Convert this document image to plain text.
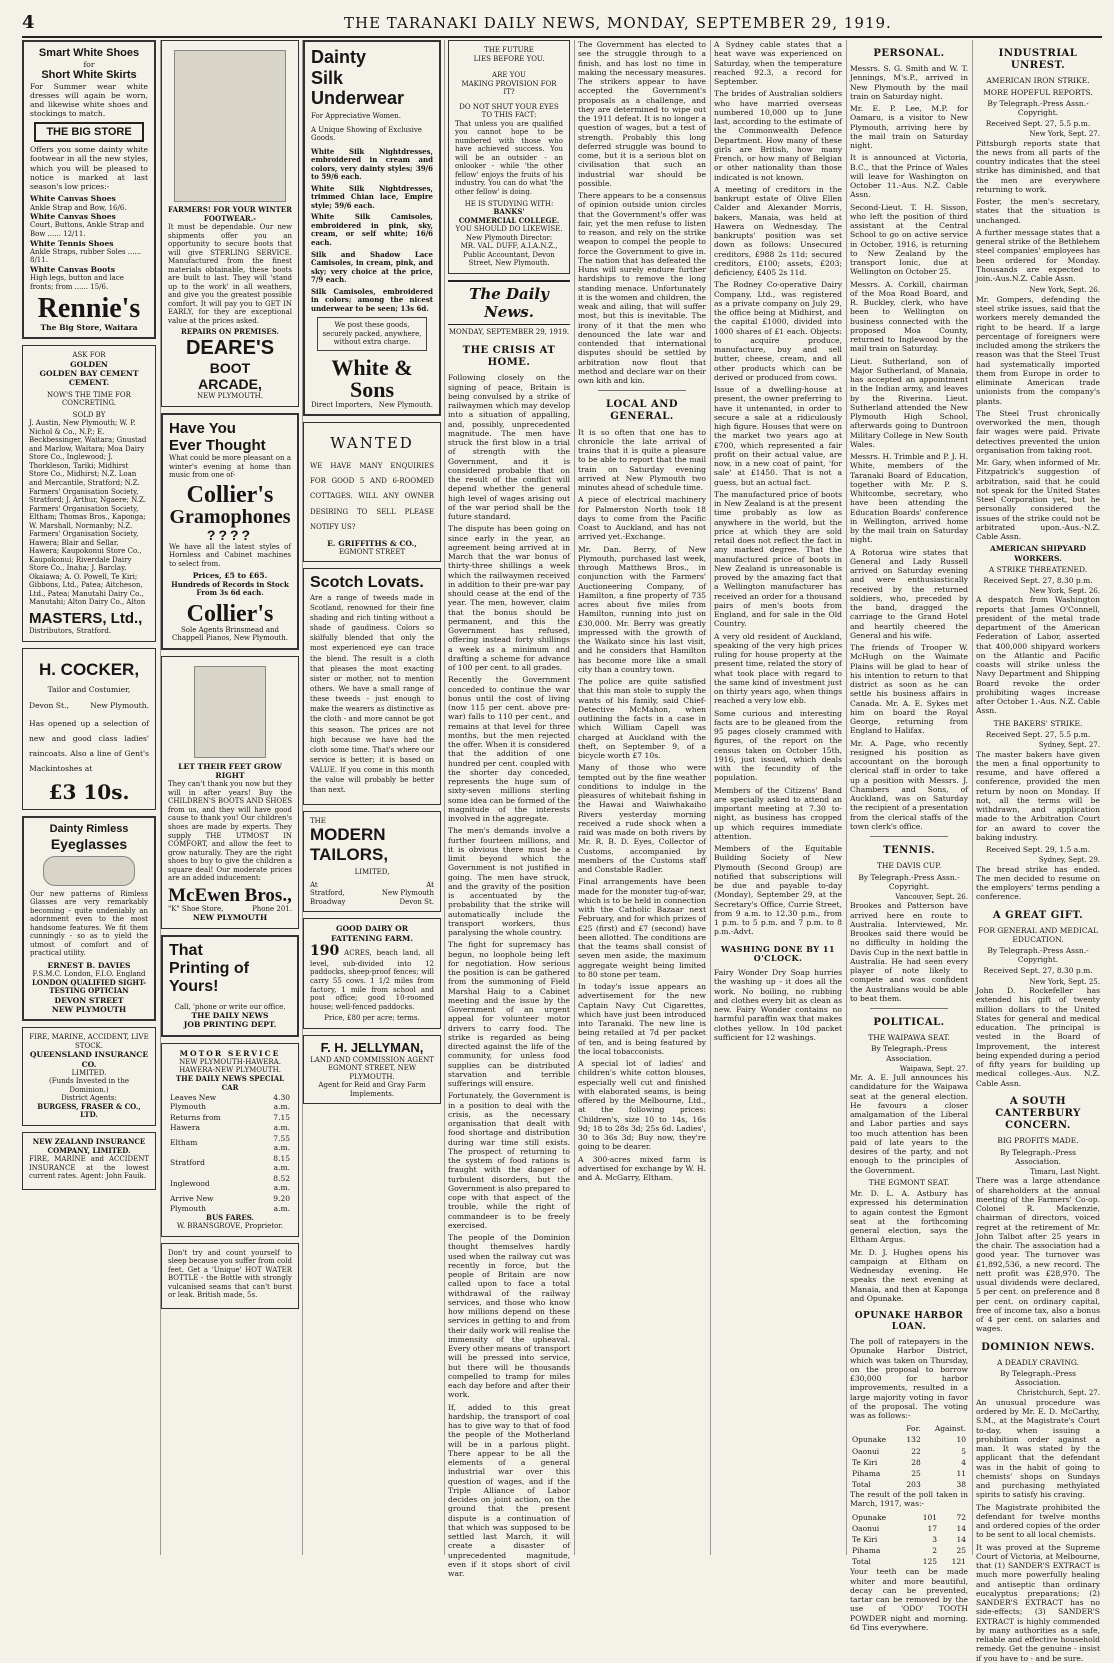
4	THE TARANAKI DAILY NEWS, MONDAY, SEPTEMBER 29, 1919.
Smart White Shoes
for
Short White Skirts

For Summer wear white dresses will again be worn, and likewise white shoes and stockings to match.

THE BIG STORE

Offers you some dainty white footwear in all the new styles, which you will be pleased to notice is marked at last season's low prices:-

White Canvas Shoes
Ankle Strap and Bow, 16/6.
White Canvas Shoes
Court, Buttons, Ankle Strap and Bow ...... 12/11.
White Tennis Shoes
Ankle Straps, rubber Soles ...... 8/11.
White Canvas Boots
High legs, button and lace fronts; from ...... 15/6.
Rennie's
The Big Store, Waitara
ASK FOR
GOLDEN
GOLDEN BAY CEMENT
CEMENT.
NOW'S THE TIME FOR CONCRETING.
SOLD BY

J. Austin, New Plymouth; W. P. Nichol & Co., N.P.; E. Beckbessinger, Waitara; Gnustad and Marlow, Waitara; Moa Dairy Store Co., Inglewood; J. Thorkleson, Tariki; Midhirst Store Co., Midhirst; N.Z. Loan and Mercantile, Stratford; N.Z. Farmers' Organisation Society, Stratford; J. Arthur, Ngaere; N.Z. Farmers' Organisation Society, Eltham; Thomas Bros., Kaponga; W. Marshall, Normanby; N.Z. Farmers' Organisation Society, Hawera; Blair and Sellar, Hawera; Kaupokonui Store Co., Kaupokonui; Riverdale Dairy Store Co., Inaha; J. Barclay, Okaiawa; A. O. Powell, Te Kiri; Gibbons, Ltd., Patea; Aitcheson, Ltd., Patea; Manutahi Dairy Co., Manutahi; Alton Dairy Co., Alton

MASTERS, Ltd.,
Distributors, Stratford.
H. COCKER,
Tailor and Costumier,
Devon St.,	New Plymouth.

Has opened up a selection of new and good class ladies' raincoats. Also a line of Gent's Mackintoshes at

£3 10s.
Dainty Rimless
Eyeglasses

Our new patterns of Rimless Glasses are very remarkably becoming - quite undeniably an adornment even to the most handsome features. We fit them cunningly - so as to yield the utmost of comfort and of practical utility.

ERNEST B. DAVIES
F.S.M.C. London, F.I.O. England
LONDON QUALIFIED SIGHT-TESTING OPTICIAN
DEVON STREET
NEW PLYMOUTH
FIRE, MARINE, ACCIDENT, LIVE STOCK.
QUEENSLAND INSURANCE CO.
LIMITED.
(Funds Invested in the Dominion.)
District Agents:
BURGESS, FRASER & CO., LTD.
NEW ZEALAND INSURANCE COMPANY, LIMITED.

FIRE, MARINE and ACCIDENT INSURANCE at the lowest current rates. Agent: John Fauik.

FARMERS! FOR YOUR WINTER FOOTWEAR.-

It must be dependable. Our new shipments offer you an opportunity to secure boots that will give STERLING SERVICE. Manufactured from the finest materials obtainable, these boots are built to last. They will 'stand up to the work' in all weathers, and give you the greatest possible comfort. It will pay you to GET IN EARLY, for they are exceptional value at the prices asked.

REPAIRS ON PREMISES.
DEARE'S
BOOT
ARCADE,
NEW PLYMOUTH.
Have You
Ever Thought

What could be more pleasant on a winter's evening at home than music from one of-

Collier's
Gramophones
????

We have all the latest styles of Hornless and Cabinet machines to select from.

Prices, £5 to £65.
Hundreds of Records in Stock From 3s 6d each.
Collier's
Sole Agents Brinsmead and Chappell Pianos, New Plymouth.
LET THEIR FEET GROW RIGHT

They can't thank you now but they will in after years! Buy the CHILDREN'S BOOTS AND SHOES from us, and they will have good cause to thank you! Our children's shoes are made by experts. They supply THE UTMOST IN COMFORT, and allow the feet to grow naturally. They are the right shoes to buy to give the children a square deal! Our moderate prices are an added inducement:

McEwen Bros.,
"K" Shoe Store,	Phone 201.
NEW PLYMOUTH
That
Printing of
Yours!
Call, 'phone or write our office.
THE DAILY NEWS
JOB PRINTING DEPT.
MOTOR SERVICE
NEW PLYMOUTH-HAWERA. HAWERA-NEW PLYMOUTH.
THE DAILY NEWS SPECIAL CAR
Leaves New Plymouth	4.30 a.m.
Returns from Hawera	7.15 a.m.
Eltham	7.55 a.m.
Stratford	8.15 a.m.
Inglewood	8.52 a.m.
Arrive New Plymouth	9.20 a.m.
BUS FARES.
W. BRANSGROVE, Proprietor.

Don't try and count yourself to sleep because you suffer from cold feet. Get a 'Unique' HOT WATER BOTTLE - the Bottle with strongly vulcanised seams that can't burst or leak. British made, 5s.

Dainty
Silk
Underwear
For Appreciative Women.
A Unique Showing of Exclusive Goods.

White Silk Nightdresses, embroidered in cream and colors, very dainty styles; 39/6 to 59/6 each.

White Silk Nightdresses, trimmed Chian lace, Empire style; 59/6 each.

White Silk Camisoles, embroidered in pink, sky, cream, or self white; 16/6 each.

Silk and Shadow Lace Camisoles, in cream, pink, and sky; very choice at the price, 7/9 each.

Silk Camisoles, embroidered in colors; among the nicest underwear to be seen; 13s 6d.

We post these goods, securely packed, anywhere, without extra charge.
White & Sons
Direct Importers, New Plymouth.
WANTED

WE HAVE MANY ENQUIRIES FOR GOOD 5 AND 6-ROOMED COTTAGES. WILL ANY OWNER DESIRING TO SELL PLEASE NOTIFY US?

E. GRIFFITHS & CO.,
EGMONT STREET
Scotch Lovats.

Are a range of tweeds made in Scotland, renowned for their fine shading and rich tinting without a shade of gaudiness. Colors so skilfully blended that only the most experienced eye can trace the blend. The result is a cloth that pleases the most exacting sister or mother, not to mention others. We have a small range of these tweeds - just enough to make the wearers as distinctive as the cloth - and more cannot be got this season. The prices are not high because we have had the cloth some time. That's where our service is better; it is based on VALUE. If you come in this month the value will probably be better than next.

THE
MODERN
TAILORS,
LIMITED,
At	At
Stratford,	New Plymouth
Broadway	Devon St.
GOOD DAIRY OR FATTENING FARM.

190 ACRES, beach land, all level, sub-divided into 12 paddocks, sheep-proof fences; will carry 55 cows. 1 1/2 miles from factory, 1 mile from school and post office; good 10-roomed house; well-fenced paddocks.

Price, £80 per acre; terms.
F. H. JELLYMAN,
LAND AND COMMISSION AGENT EGMONT STREET, NEW PLYMOUTH.
Agent for Reid and Gray Farm Implements.
THE FUTURE
LIES BEFORE YOU.
ARE YOU
MAKING PROVISION FOR IT?
DO NOT SHUT YOUR EYES TO THIS FACT:

That unless you are qualified you cannot hope to be numbered with those who have achieved success. You will be an outsider - an onlooker - while 'the other fellow' enjoys the fruits of his industry. You can do what 'the other fellow' is doing.

HE IS STUDYING WITH:
BANKS'
COMMERCIAL COLLEGE.
YOU SHOULD DO LIKEWISE.
New Plymouth Director:
MR. VAL. DUFF, A.I.A.N.Z., Public Accountant, Devon Street, New Plymouth.
The Daily News.
MONDAY, SEPTEMBER 29, 1919.
THE CRISIS AT HOME.

Following closely on the signing of peace, Britain is being convulsed by a strike of railwaymen which may develop into a situation of appalling, and, possibly, unprecedented magnitude. The men have struck the first blow in a trial of strength with the Government, and it is considered probable that on the result of the conflict will depend whether the general high level of wages arising out of the war period shall be the future standard.

The dispute has been going on since early in the year, an agreement being arrived at in March that the war bonus of thirty-three shillings a week which the railwaymen received in addition to their pre-war pay should cease at the end of the year. The men, however, claim that the bonus should be permanent, and this the Government has refused, offering instead forty shillings a week as a minimum and drafting a scheme for advance of 100 per cent. to all grades.

Recently the Government conceded to continue the war bonus until the cost of living (now 115 per cent. above pre-war) falls to 110 per cent., and remains at that level for three months, but the men rejected the offer. When it is considered that the addition of one hundred per cent. coupled with the shorter day conceded, represents the huge sum of sixty-seven millions sterling some idea can be formed of the magnitude of the interests involved in the aggregate.

The men's demands involve a further fourteen millions, and it is obvious there must be a limit beyond which the Government is not justified in going. The men have struck, and the gravity of the position is accentuated by the probability that the strike will automatically include the transport workers, thus paralysing the whole country.

The fight for supremacy has begun, no loophole being left for negotiation. How serious the position is can be gathered from the summoning of Field Marshal Haig to a Cabinet meeting and the issue by the Government of an urgent appeal for volunteer motor drivers to carry food. The strike is regarded as being directed against the life of the community, for unless food supplies can be distributed starvation and terrible sufferings will ensure.

Fortunately, the Government is in a position to deal with the crisis, as the necessary organisation that dealt with food shortage and distribution during war time still exists. The prospect of returning to the system of food rations is fraught with the danger of turbulent disorders, but the Government is also prepared to cope with that aspect of the trouble, while the right of commandeer is to be freely exercised.

The people of the Dominion thought themselves hardly used when the railway cut was recently in force, but the people of Britain are now called upon to face a total withdrawal of the railway services, and those who know how millions depend on these services in getting to and from their daily work will realise the immensity of the upheaval. Every other means of transport will be pressed into service, but there will be thousands compelled to tramp for miles each day before and after their work.

If, added to this great hardship, the transport of coal has to give way to that of food the people of the Motherland will be in a parlous plight. There appear to be all the elements of a general industrial war over this question of wages, and if the Triple Alliance of Labor decides on joint action, on the ground that the present dispute is a continuation of that which was supposed to be settled last March, it will create a disaster of unprecedented magnitude, even if it stops short of civil war.

The Government has elected to see the struggle through to a finish, and has lost no time in making the necessary measures. The strikers appear to have accepted the Government's proposals as a challenge, and they are determined to wipe out the 1911 defeat. It is no longer a question of wages, but a test of strength. Probably this long deferred struggle was bound to come, but it is a serious blot on civilisation that such an industrial war should be possible.

There appears to be a consensus of opinion outside union circles that the Government's offer was fair, yet the men refuse to listen to reason, and rely on the strike weapon to compel the people to force the Government to give in. The nation that has defeated the Huns will surely endure further hardships to remove the long standing menace. Unfortunately it is the women and children, the weak and ailing, that will suffer most, but this is inevitable. The irony of it that the men who denounced the late war and contended that international disputes should be settled by arbitration now flout that method and declare war on their own kith and kin.

LOCAL AND GENERAL.

It is so often that one has to chronicle the late arrival of trains that it is quite a pleasure to be able to report that the mail train on Saturday evening arrived at New Plymouth two minutes ahead of schedule time.

A piece of electrical machinery for Palmerston North took 18 days to come from the Pacific Coast to Auckland, and has not arrived yet.-Exchange.

Mr. Dan. Berry, of New Plymouth, purchased last week, through Matthews Bros., in conjunction with the Farmers' Auctioneering Company, of Hamilton, a fine property of 735 acres about five miles from Hamilton, running into just on £30,000. Mr. Berry was greatly impressed with the growth of the Waikato since his last visit, and he considers that Hamilton has become more like a small city than a country town.

The police are quite satisfied that this man stole to supply the wants of his family, said Chief-Detective McMahon, when outlining the facts in a case in which William Capell was charged at Auckland with the theft, on September 9, of a bicycle worth £7 10s.

Many of those who were tempted out by the fine weather conditions to indulge in the pleasures of whitebait fishing in the Hawai and Waiwhakaiho Rivers yesterday morning received a rude shock when a raid was made on both rivers by Mr. R. B. D. Eyes, Collector of Customs, accompanied by members of the Customs staff and Constable Radler.

Final arrangements have been made for the monster tug-of-war, which is to be held in connection with the Catholic Bazaar next February, and for which prizes of £25 (first) and £7 (second) have been allotted. The conditions are that the teams shall consist of seven men aside, the maximum aggregate weight being limited to 80 stone per team.

In today's issue appears an advertisement for the new Captain Navy Cut Cigarettes, which have just been introduced into Taranaki. The new line is being retailed at 7d per packet of ten, and is being featured by the local tobacconists.

A special lot of ladies' and children's white cotton blouses, especially well cut and finished with elaborated seams, is being offered by the Melbourne, Ltd., at the following prices: Children's, size 10 to 14s, 16s 9d; 18 to 28s 3d; 25s 6d. Ladies', 30 to 36s 3d; Buy now, they're going to be dearer.

A 300-acres mixed farm is advertised for exchange by W. H. and A. McGarry, Eltham.

A Sydney cable states that a heat wave was experienced on Saturday, when the temperature reached 92.3, a record for September.

The brides of Australian soldiers who have married overseas numbered 10,000 up to June last, according to the estimate of the Commonwealth Defence Department. How many of these girls are British, how many French, or how many of Belgian or other nationality than those indicated is not known.

A meeting of creditors in the bankrupt estate of Olive Ellen Calder and Alexander Morris, bakers, Manaia, was held at Hawera on Wednesday. The bankrupts' position was set down as follows: Unsecured creditors, £988 2s 11d; secured creditors, £100; assets, £203; deficiency, £405 2s 11d.

The Rodney Co-operative Dairy Company, Ltd., was registered as a private company on July 29, the office being at Midhirst, and the capital £1000, divided into 1000 shares of £1 each. Objects: to acquire produce, manufacture, buy and sell butter, cheese, cream, and all other products which can be derived or produced from cows.

Issue of a dwelling-house at present, the owner preferring to have it untenanted, in order to secure a sale at a ridiculously high figure. Houses that were on the market two years ago at £700, which represented a fair profit on their actual value, are now, in a new coat of paint, 'for sale' at £1450. That is not a guess, but an actual fact.

The manufactured price of boots in New Zealand is at the present time probably as low as anywhere in the world, but the price at which they are sold retail does not reflect the fact in any marked degree. That the manufactured price of boots in New Zealand is unreasonable is proved by the amazing fact that a Wellington manufacturer has received an order for a thousand pairs of men's boots from England, and for sale in the Old Country.

A very old resident of Auckland, speaking of the very high prices ruling for house property at the present time, related the story of what took place with regard to the same kind of investment just on thirty years ago, when things reached a very low ebb.

Some curious and interesting facts are to be gleaned from the 95 pages closely crammed with figures, of the report on the census taken on October 15th, 1916, just issued, which deals with the fecundity of the population.

Members of the Citizens' Band are specially asked to attend an important meeting at 7.30 to-night, as business has cropped up which requires immediate attention.

Members of the Equitable Building Society of New Plymouth (Second Group) are notified that subscriptions will be due and payable to-day (Monday), September 29, at the Secretary's Office, Currie Street, from 9 a.m. to 12.30 p.m., from 1 p.m. to 5 p.m. and 7 p.m. to 8 p.m.-Advt.

WASHING DONE BY 11 O'CLOCK.

Fairy Wonder Dry Soap hurries the washing up - it does all the work. No boiling, no rubbing and clothes every bit as clean as new. Fairy Wonder contains no harmful paraffin wax that makes clothes yellow. In 10d packet sufficient for 12 washings.

PERSONAL.

Messrs. S. G. Smith and W. T. Jennings, M's.P., arrived in New Plymouth by the mail train on Saturday night.

Mr. E. P. Lee, M.P. for Oamaru, is a visitor to New Plymouth, arriving here by the mail train on Saturday night.

It is announced at Victoria, B.C., that the Prince of Wales will leave for Washington on October 11.-Aus. N.Z. Cable Assn.

Second-Lieut. T. H. Sisson, who left the position of third assistant at the Central School to go on active service in October, 1916, is returning to New Zealand by the transport Ionic, due at Wellington on October 25.

Messrs. A. Corkill, chairman of the Moa Road Board, and R. Buckley, clerk, who have been to Wellington on business connected with the proposed Moa County, returned to Inglewood by the mail train on Saturday.

Lieut. Sutherland, son of Major Sutherland, of Manaia, has accepted an appointment in the Indian army, and leaves by the Riverina. Lieut. Sutherland attended the New Plymouth High School, afterwards going to Duntroon Military College in New South Wales.

Messrs. H. Trimble and P. J. H. White, members of the Taranaki Board of Education, together with Mr. P. S. Whitcombe, secretary, who have been attending the Education Boards' conference in Wellington, arrived home by the mail train on Saturday night.

A Rotorua wire states that General and Lady Russell arrived on Saturday evening and were enthusiastically received by the returned soldiers, who, preceded by the band, dragged the carriage to the Grand Hotel and heartily cheered the General and his wife.

The friends of Trooper W. McHugh on the Waimate Plains will be glad to hear of his intention to return to that district as soon as he can settle his business affairs in Canada. Mr. A. E. Sykes met him on board the Royal George, returning from England to Halifax.

Mr. A. Page, who recently resigned his position as accountant on the borough clerical staff in order to take up a position with Messrs. J. Chambers and Sons, of Auckland, was on Saturday the recipient of a presentation from the clerical staffs of the town clerk's office.

TENNIS.
THE DAVIS CUP.
By Telegraph.-Press Assn.-Copyright.
Vancouver, Sept. 26.

Brookes and Patterson have arrived here en route to Australia. Interviewed, Mr. Brookes said there would be no difficulty in holding the Davis Cup in the next battle in Australia. He had seen every player of note likely to compete and was confident the Australians would be able to beat them.

POLITICAL.
THE WAIPAWA SEAT.
By Telegraph.-Press Association.
Waipawa, Sept. 27.

Mr. A. E. Jull announces his candidature for the Waipawa seat at the general election. He favours a closer amalgamation of the Liberal and Labor parties and says too much attention has been paid of late years to the desires of the party, and not enough to the principles of the Government.

THE EGMONT SEAT.

Mr. D. L. A. Astbury has expressed his determination to again contest the Egmont seat at the forthcoming general election, says the Eltham Argus.

Mr. D. J. Hughes opens his campaign at Eltham on Wednesday evening. He speaks the next evening at Manaia, and then at Kaponga and Opunake.

OPUNAKE HARBOR LOAN.

The poll of ratepayers in the Opunake Harbor District, which was taken on Thursday, on the proposal to borrow £30,000 for harbor improvements, resulted in a large majority voting in favor of the proposal. The voting was as follows:-

	For.	Against.
Opunake	132	10
Oaonui	22	5
Te Kiri	28	4
Pihama	25	11
Total	203	38

The result of the poll taken in March, 1917, was:-

Opunake	101	72
Oaonui	17	14
Te Kiri	3	14
Pihama	2	25
Total	125	121

Your teeth can be made whiter and more beautiful, decay can be prevented, tartar can be removed by the use of 'ODO' TOOTH POWDER night and morning. 6d Tins everywhere.

INDUSTRIAL UNREST.
AMERICAN IRON STRIKE.
MORE HOPEFUL REPORTS.
By Telegraph.-Press Assn.-Copyright.
Received Sept. 27, 5.5 p.m.
New York, Sept. 27.

Pittsburgh reports state that the news from all parts of the country indicates that the steel strike has diminished, and that the men are everywhere returning to work.

Foster, the men's secretary, states that the situation is unchanged.

A further message states that a general strike of the Bethlehem steel companies' employees has been ordered for Monday. Thousands are expected to join.-Aus.N.Z. Cable Assn.

New York, Sept. 26.

Mr. Gompers, defending the steel strike issues, said that the workers merely demanded the right to be heard. If a large percentage of foreigners were included among the strikers the reason was that the Steel Trust had systematically imported them from Europe in order to eliminate American trade unionists from the company's plants.

The Steel Trust chronically overworked the men, though fair wages were paid. Private detectives prevented the union organisation from taking root.

Mr. Gary, when informed of Mr. Fitzpatrick's suggestion of arbitration, said that he could not speak for the United States Steel Corporation yet, but he personally considered the issues of the strike could not be arbitrated upon.-Aus.-N.Z. Cable Assn.

AMERICAN SHIPYARD WORKERS.
A STRIKE THREATENED.
Received Sept. 27, 8.30 p.m.
New York, Sept. 26.

A despatch from Washington reports that James O'Connell, president of the metal trade department of the American Federation of Labor, asserted that 400,000 shipyard workers on the Atlantic and Pacific coasts will strike unless the Navy Department and Shipping Board revoke the order prohibiting wages increase after October 1.-Aus. N.Z. Cable Assn.

THE BAKERS' STRIKE.
Received Sept. 27, 5.5 p.m.
Sydney, Sept. 27.

The master bakers have given the men a final opportunity to resume, and have offered a conference, provided the men return by noon on Monday. If not, all the terms will be withdrawn, and application made to the Arbitration Court for an award to cover the baking industry.

Received Sept. 29, 1.5 a.m.
Sydney, Sept. 29.

The bread strike has ended. The men decided to resume on the employers' terms pending a conference.

A GREAT GIFT.
FOR GENERAL AND MEDICAL EDUCATION.
By Telegraph.-Press Assn.-Copyright.
Received Sept. 27, 8.30 p.m.
New York, Sept. 25.

John D. Rockefeller has extended his gift of twenty million dollars to the United States for general and medical education. The principal is vested in the Board of Improvement, the interest being expended during a period of fifty years for building up medical colleges.-Aus. N.Z. Cable Assn.

A SOUTH CANTERBURY CONCERN.
BIG PROFITS MADE.
By Telegraph.-Press Association.
Timaru, Last Night.

There was a large attendance of shareholders at the annual meeting of the Farmers' Co-op. Colonel R. Mackenzie, chairman of directors, voiced regret at the retirement of Mr. John Talbot after 25 years in the chair. The association had a good year. The turnover was £1,892,536, a new record. The nett profit was £28,970. The usual dividends were declared, 5 per cent. on preference and 8 per cent. on ordinary capital, free of income tax, also a bonus of 4 per cent. on salaries and wages.

DOMINION NEWS.
A DEADLY CRAVING.
By Telegraph.-Press Association.
Christchurch, Sept. 27.

An unusual procedure was ordered by Mr. E. D. McCarthy, S.M., at the Magistrate's Court to-day, when issuing a prohibition order against a man. It was stated by the applicant that the defendant was in the habit of going to chemists' shops on Sundays and purchasing methylated spirits to satisfy his craving.

The Magistrate prohibited the defendant for twelve months and ordered copies of the order to be sent to all local chemists.

It was proved at the Supreme Court of Victoria, at Melbourne, that (1) SANDER'S EXTRACT is much more powerfully healing and antiseptic than ordinary eucalyptus preparations; (2) SANDER'S EXTRACT has no side-effects; (3) SANDER'S EXTRACT is highly commended by many authorities as a safe, reliable and effective household remedy. Get the genuine - insist if you have to - and be sure.
